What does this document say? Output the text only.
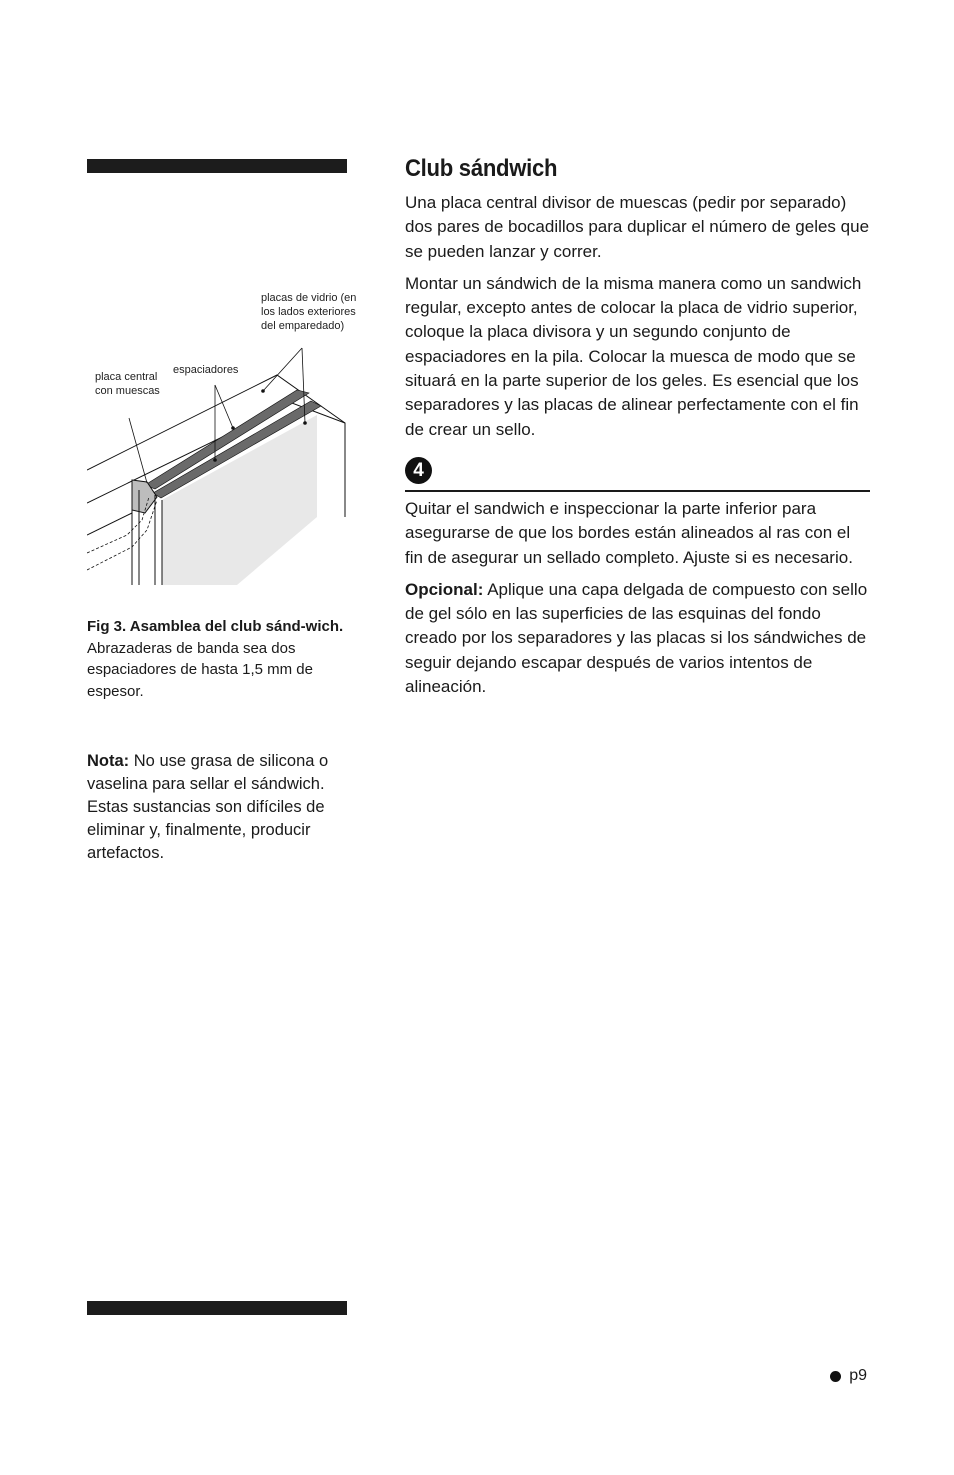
placas de vidrio (en los lados exteriores del emparedado)
espaciadores
placa central con muescas
Fig 3. Asamblea del club sánd-wich. Abrazaderas de banda sea dos espaciadores de hasta 1,5 mm de espesor.
Nota: No use grasa de silicona o vaselina para sellar el sándwich. Estas sustancias son difíciles de eliminar y, finalmente, producir artefactos.
Club sándwich

Una placa central divisor de muescas (pedir por separado) dos pares de bocadillos para duplicar el número de geles que se pueden lanzar y correr.

Montar un sándwich de la misma manera como un sandwich regular, excepto antes de colocar la placa de vidrio superior, coloque la placa divisora y un segundo conjunto de espaciadores en la pila. Colocar la muesca de modo que se situará en la parte superior de los geles. Es esencial que los separadores y las placas de alinear perfectamente con el fin de crear un sello.

4

Quitar el sandwich e inspeccionar la parte inferior para asegurarse de que los bordes están alineados al ras con el fin de asegurar un sellado completo. Ajuste si es necesario.

Opcional: Aplique una capa delgada de compuesto con sello de gel sólo en las superficies de las esquinas del fondo creado por los separadores y las placas si los sándwiches de seguir dejando escapar después de varios intentos de alineación.

p9
